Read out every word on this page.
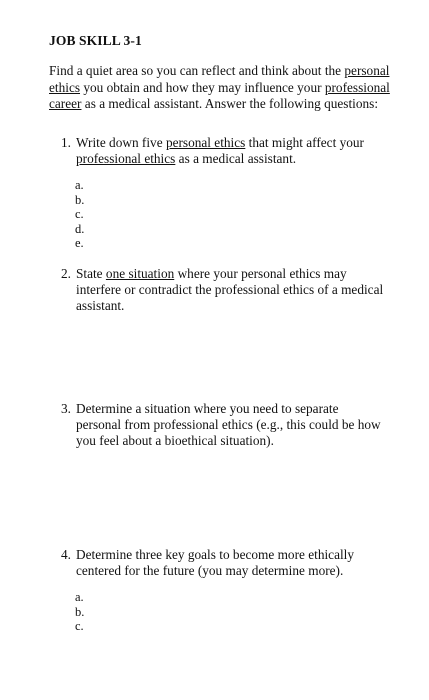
JOB SKILL 3-1
Find a quiet area so you can reflect and think about the personal ethics you obtain and how they may influence your professional career as a medical assistant. Answer the following questions:
1. Write down five personal ethics that might affect your
professional ethics as a medical assistant.
a.
b.
c.
d.
e.
2. State one situation where your personal ethics may interfere or contradict the professional ethics of a medical assistant.
3. Determine a situation where you need to separate personal from professional ethics (e.g., this could be how you feel about a bioethical situation).
4. Determine three key goals to become more ethically centered for the future (you may determine more).
a.
b.
c.
